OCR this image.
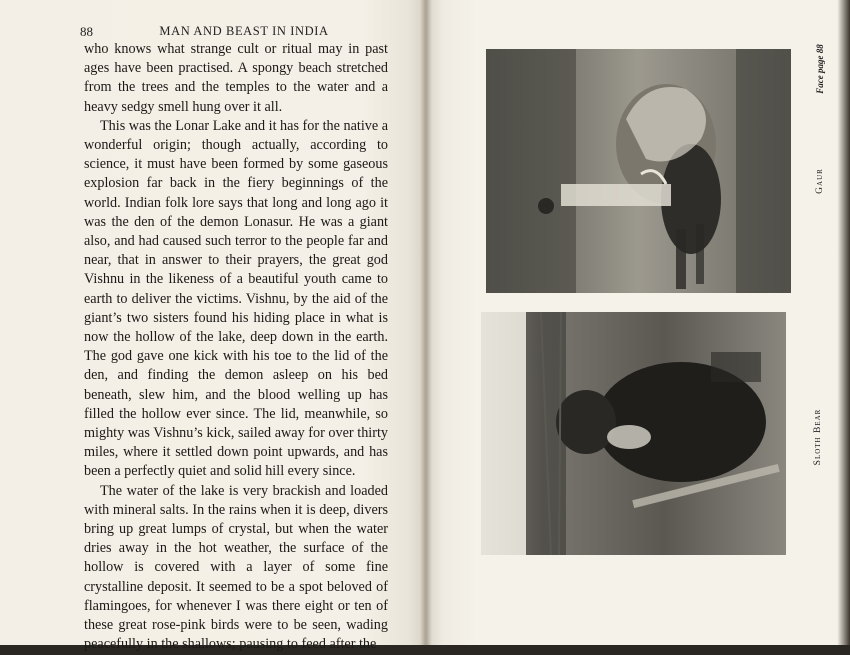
88	MAN AND BEAST IN INDIA

who knows what strange cult or ritual may in past ages have been practised. A spongy beach stretched from the trees and the temples to the water and a heavy sedgy smell hung over it all.

This was the Lonar Lake and it has for the native a wonderful origin; though actually, according to science, it must have been formed by some gaseous explosion far back in the fiery beginnings of the world. Indian folk lore says that long and long ago it was the den of the demon Lonasur. He was a giant also, and had caused such terror to the people far and near, that in answer to their prayers, the great god Vishnu in the likeness of a beautiful youth came to earth to deliver the victims. Vishnu, by the aid of the giant’s two sisters found his hiding place in what is now the hollow of the lake, deep down in the earth. The god gave one kick with his toe to the lid of the den, and finding the demon asleep on his bed beneath, slew him, and the blood welling up has filled the hollow ever since. The lid, meanwhile, so mighty was Vishnu’s kick, sailed away for over thirty miles, where it settled down point upwards, and has been a perfectly quiet and solid hill every since.

The water of the lake is very brackish and loaded with mineral salts. In the rains when it is deep, divers bring up great lumps of crystal, but when the water dries away in the hot weather, the surface of the hollow is covered with a layer of some fine crystalline deposit. It seemed to be a spot beloved of flamingoes, for whenever I was there eight or ten of these great rose-pink birds were to be seen, wading peacefully in the shallows; pausing to feed after the

Face page 88
Gaur
Sloth Bear
